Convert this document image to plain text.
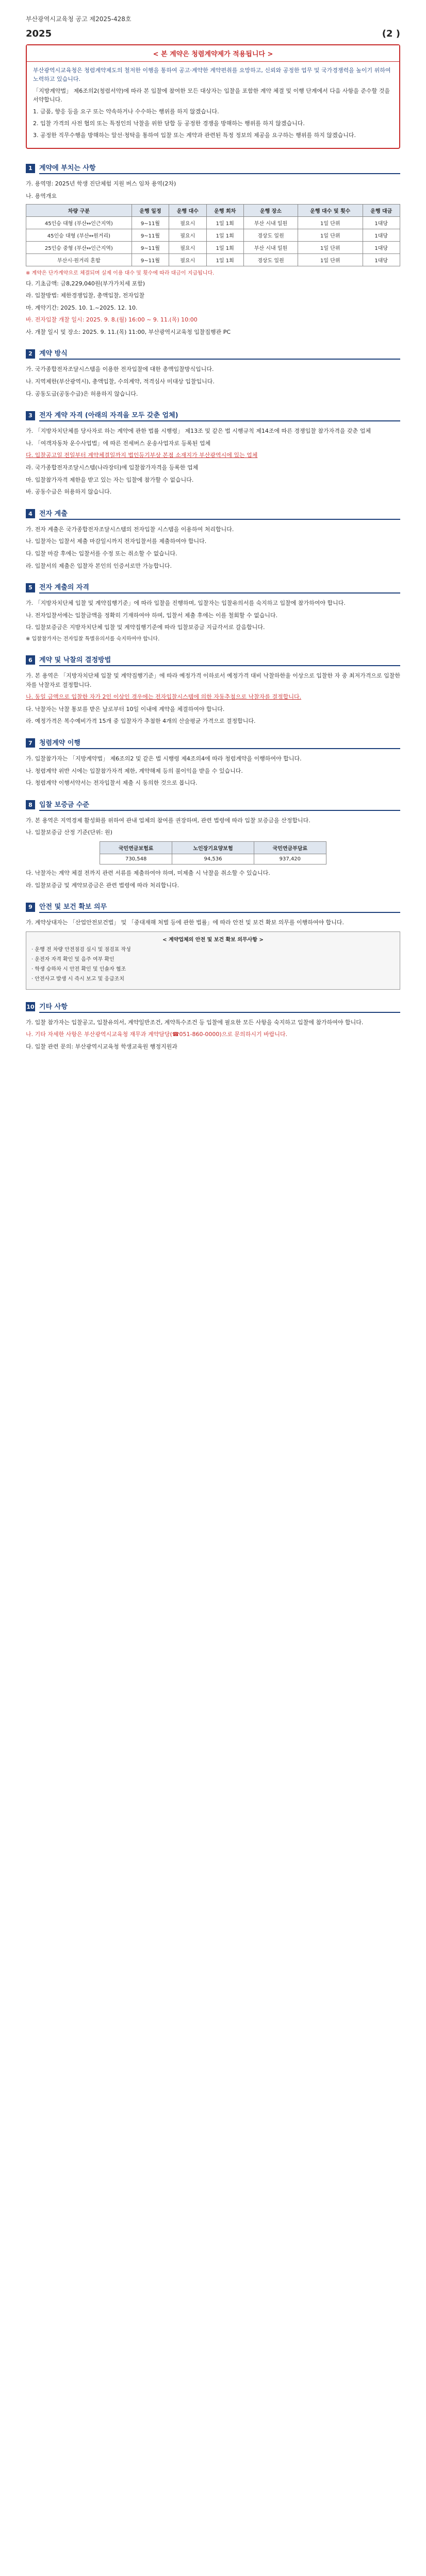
부산광역시교육청 공고 제2025-428호
2025	(2 )
< 본 계약은 청렴계약제가 적용됩니다 >

부산광역시교육청은 청렴계약제도의 철저한 이행을 통하여 공고·계약한 계약편취를 요망하고, 신뢰와 공정한 업무 및 국가경쟁력을 높이기 위하여 노력하고 있습니다.

「지방계약법」 제6조의2(청렴서약)에 따라 본 입찰에 참여한 모든 대상자는 입찰을 포함한 계약 체결 및 이행 단계에서 다음 사항을 준수할 것을 서약합니다.

1. 금품, 향응 등을 요구 또는 약속하거나 수수하는 행위를 하지 않겠습니다.

2. 입찰 가격의 사전 협의 또는 특정인의 낙찰을 위한 담합 등 공정한 경쟁을 방해하는 행위를 하지 않겠습니다.

3. 공정한 직무수행을 방해하는 알선·청탁을 통하여 입찰 또는 계약과 관련된 특정 정보의 제공을 요구하는 행위를 하지 않겠습니다.

1	계약에 부치는 사항

가. 용역명: 2025년 학생 진단체험 지원 버스 임차 용역(2차)

나. 용역개요

차량 구분	운행 일정	운행 대수	운행 회차	운행 장소	운행 대수 및 횟수	운행 대금
45인승 대형 (부산↔인근지역)	9~11월	필요시	1일 1회	부산 시내 일원	1일 단위	1대당
45인승 대형 (부산↔원거리)	9~11월	필요시	1일 1회	경상도 일원	1일 단위	1대당
25인승 중형 (부산↔인근지역)	9~11월	필요시	1일 1회	부산 시내 일원	1일 단위	1대당
부산시·원거리 혼합	9~11월	필요시	1일 1회	경상도 일원	1일 단위	1대당

※ 계약은 단가계약으로 체결되며 실제 이용 대수 및 횟수에 따라 대금이 지급됩니다.

다. 기초금액: 금8,229,040원(부가가치세 포함)

라. 입찰방법: 제한경쟁입찰, 총액입찰, 전자입찰

마. 계약기간: 2025. 10. 1.~2025. 12. 10.

바. 전자입찰 개찰 일시: 2025. 9. 8.(월) 16:00 ~ 9. 11.(목) 10:00

사. 개찰 일시 및 장소: 2025. 9. 11.(목) 11:00, 부산광역시교육청 입찰집행관 PC

2	계약 방식

가. 국가종합전자조달시스템을 이용한 전자입찰에 대한 총액입찰방식입니다.

나. 지역제한(부산광역시), 총액입찰, 수의계약, 적격심사 미대상 입찰입니다.

다. 공동도급(공동수급)은 허용하지 않습니다.

3	전자 계약 자격 (아래의 자격을 모두 갖춘 업체)

가. 「지방자치단체를 당사자로 하는 계약에 관한 법률 시행령」 제13조 및 같은 법 시행규칙 제14조에 따른 경쟁입찰 참가자격을 갖춘 업체

나. 「여객자동차 운수사업법」에 따른 전세버스 운송사업자로 등록된 업체

다. 입찰공고일 전일부터 계약체결일까지 법인등기부상 본점 소재지가 부산광역시에 있는 업체

라. 국가종합전자조달시스템(나라장터)에 입찰참가자격을 등록한 업체

마. 입찰참가자격 제한을 받고 있는 자는 입찰에 참가할 수 없습니다.

바. 공동수급은 허용하지 않습니다.

4	전자 계출

가. 전자 계출은 국가종합전자조달시스템의 전자입찰 시스템을 이용하여 처리합니다.

나. 입찰자는 입찰서 제출 마감일시까지 전자입찰서를 제출하여야 합니다.

다. 입찰 마감 후에는 입찰서를 수정 또는 취소할 수 없습니다.

라. 입찰서의 제출은 입찰자 본인의 인증서로만 가능합니다.

5	전자 계출의 자격

가. 「지방자치단체 입찰 및 계약집행기준」에 따라 입찰을 진행하며, 입찰자는 입찰유의서를 숙지하고 입찰에 참가하여야 합니다.

나. 전자입찰서에는 입찰금액을 정확히 기재하여야 하며, 입찰서 제출 후에는 이를 철회할 수 없습니다.

다. 입찰보증금은 지방자치단체 입찰 및 계약집행기준에 따라 입찰보증금 지급각서로 갈음합니다.

※ 입찰참가자는 전자입찰 특별유의서를 숙지하여야 합니다.

6	계약 및 낙찰의 결정방법

가. 본 용역은 「지방자치단체 입찰 및 계약집행기준」에 따라 예정가격 이하로서 예정가격 대비 낙찰하한율 이상으로 입찰한 자 중 최저가격으로 입찰한 자를 낙찰자로 결정합니다.

나. 동일 금액으로 입찰한 자가 2인 이상인 경우에는 전자입찰시스템에 의한 자동추첨으로 낙찰자를 결정합니다.

다. 낙찰자는 낙찰 통보를 받은 날로부터 10일 이내에 계약을 체결하여야 합니다.

라. 예정가격은 복수예비가격 15개 중 입찰자가 추첨한 4개의 산술평균 가격으로 결정합니다.

7	청렴계약 이행

가. 입찰참가자는 「지방계약법」 제6조의2 및 같은 법 시행령 제4조의4에 따라 청렴계약을 이행하여야 합니다.

나. 청렴계약 위반 시에는 입찰참가자격 제한, 계약해제 등의 불이익을 받을 수 있습니다.

다. 청렴계약 이행서약서는 전자입찰서 제출 시 동의한 것으로 봅니다.

8	입찰 보증금 수준

가. 본 용역은 지역경제 활성화를 위하여 관내 업체의 참여를 권장하며, 관련 법령에 따라 입찰 보증금을 산정합니다.

나. 입찰보증금 산정 기준(단위: 원)

국민연금보험료	노인장기요양보험	국민연금부담료
730,548	94,536	937,420

다. 낙찰자는 계약 체결 전까지 관련 서류를 제출하여야 하며, 미제출 시 낙찰을 취소할 수 있습니다.

라. 입찰보증금 및 계약보증금은 관련 법령에 따라 처리합니다.

9	안전 및 보건 확보 의무

가. 계약상대자는 「산업안전보건법」 및 「중대재해 처벌 등에 관한 법률」에 따라 안전 및 보건 확보 의무를 이행하여야 합니다.

< 계약업체의 안전 및 보건 확보 의무사항 >

· 운행 전 차량 안전점검 실시 및 점검표 작성

· 운전자 자격 확인 및 음주 여부 확인

· 학생 승하차 시 안전 확인 및 인솔자 협조

· 안전사고 발생 시 즉시 보고 및 응급조치

10 기타 사항

가. 입찰 참가자는 입찰공고, 입찰유의서, 계약일반조건, 계약특수조건 등 입찰에 필요한 모든 사항을 숙지하고 입찰에 참가하여야 합니다.

나. 기타 자세한 사항은 부산광역시교육청 재무과 계약담당(☎051-860-0000)으로 문의하시기 바랍니다.

다. 입찰 관련 문의: 부산광역시교육청 학생교육원 행정지원과
